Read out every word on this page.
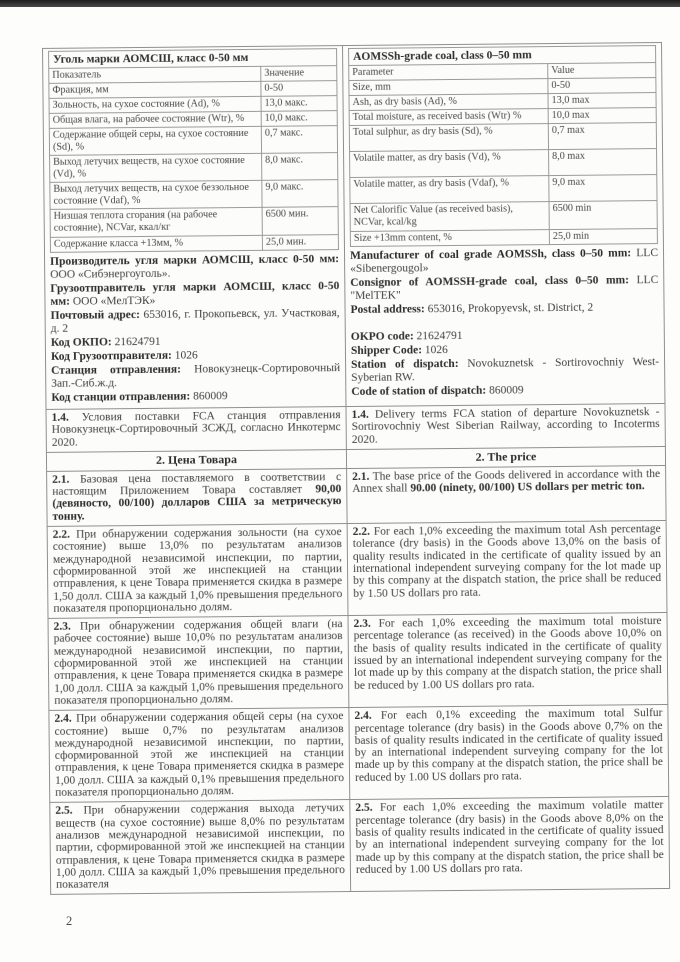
Уголь марки АОМСШ, класс 0-50 мм
Показатель	Значение
Фракция, мм	0-50
Зольность, на сухое состояние (Ad), %	13,0 макс.
Общая влага, на рабочее состояние (Wtr), %	10,0 макс.
Содержание общей серы, на сухое состояние (Sd), %	0,7 макс.
Выход летучих веществ, на сухое состояние (Vd), %	8,0 макс.
Выход летучих веществ, на сухое беззольное состояние (Vdaf), %	9,0 макс.
Низшая теплота сгорания (на рабочее состояние), NCVar, ккал/кг	6500 мин.
Содержание класса +13мм, %	25,0 мин.
Производитель угля марки АОМСШ, класс 0-50 мм: ООО «Сибэнергоуголь».
Грузоотправитель угля марки АОМСШ, класс 0-50 мм: ООО «МелТЭК»
Почтовый адрес: 653016, г. Прокопьевск, ул. Участковая, д. 2
Код ОКПО: 21624791
Код Грузоотправителя: 1026
Станция отправления: Новокузнецк-Сортировочный Зап.-Сиб.ж.д.
Код станции отправления: 860009

AOMSSh-grade coal, class 0–50 mm
Parameter	Value
Size, mm	0-50
Ash, as dry basis (Ad), %	13,0 max
Total moisture, as received basis (Wtr) %	10,0 max
Total sulphur, as dry basis (Sd), %	0,7 max
Volatile matter, as dry basis (Vd), %	8,0 max
Volatile matter, as dry basis (Vdaf), %	9,0 max
Net Calorific Value (as received basis), NCVar, kcal/kg	6500 min
Size +13mm content, %	25,0 min
Manufacturer of coal grade AOMSSh, class 0–50 mm: LLC «Sibenergougol»
Consignor of AOMSSH-grade coal, class 0–50 mm: LLC "MelTEK"
Postal address: 653016, Prokopyevsk, st. District, 2
OKPO code: 21624791
Shipper Code: 1026
Station of dispatch: Novokuznetsk - Sortirovochniy West-Syberian RW.
Code of station of dispatch: 860009

1.4. Условия поставки FCA станция отправления Новокузнецк-Сортировочный ЗСЖД, согласно Инкотермс 2020.

1.4. Delivery terms FCA station of departure Novokuznetsk - Sortirovochniy West Siberian Railway, according to Incoterms 2020.

2. Цена Товара	2. The price

2.1. Базовая цена поставляемого в соответствии с настоящим Приложением Товара составляет 90,00 (девяносто, 00/100) долларов США за метрическую тонну.

2.1. The base price of the Goods delivered in accordance with the Annex shall 90.00 (ninety, 00/100) US dollars per metric ton.

2.2. При обнаружении содержания зольности (на сухое состояние) выше 13,0% по результатам анализов международной независимой инспекции, по партии, сформированной этой же инспекцией на станции отправления, к цене Товара применяется скидка в размере 1,50 долл. США за каждый 1,0% превышения предельного показателя пропорционально долям.

2.2. For each 1,0% exceeding the maximum total Ash percentage tolerance (dry basis) in the Goods above 13,0% on the basis of quality results indicated in the certificate of quality issued by an international independent surveying company for the lot made up by this company at the dispatch station, the price shall be reduced by 1.50 US dollars pro rata.

2.3. При обнаружении содержания общей влаги (на рабочее состояние) выше 10,0% по результатам анализов международной независимой инспекции, по партии, сформированной этой же инспекцией на станции отправления, к цене Товара применяется скидка в размере 1,00 долл. США за каждый 1,0% превышения предельного показателя пропорционально долям.

2.3. For each 1,0% exceeding the maximum total moisture percentage tolerance (as received) in the Goods above 10,0% on the basis of quality results indicated in the certificate of quality issued by an international independent surveying company for the lot made up by this company at the dispatch station, the price shall be reduced by 1.00 US dollars pro rata.

2.4. При обнаружении содержания общей серы (на сухое состояние) выше 0,7% по результатам анализов международной независимой инспекции, по партии, сформированной этой же инспекцией на станции отправления, к цене Товара применяется скидка в размере 1,00 долл. США за каждый 0,1% превышения предельного показателя пропорционально долям.

2.4. For each 0,1% exceeding the maximum total Sulfur percentage tolerance (dry basis) in the Goods above 0,7% on the basis of quality results indicated in the certificate of quality issued by an international independent surveying company for the lot made up by this company at the dispatch station, the price shall be reduced by 1.00 US dollars pro rata.

2.5. При обнаружении содержания выхода летучих веществ (на сухое состояние) выше 8,0% по результатам анализов международной независимой инспекции, по партии, сформированной этой же инспекцией на станции отправления, к цене Товара применяется скидка в размере 1,00 долл. США за каждый 1,0% превышения предельного показателя

2.5. For each 1,0% exceeding the maximum volatile matter percentage tolerance (dry basis) in the Goods above 8,0% on the basis of quality results indicated in the certificate of quality issued by an international independent surveying company for the lot made up by this company at the dispatch station, the price shall be reduced by 1.00 US dollars pro rata.
2
